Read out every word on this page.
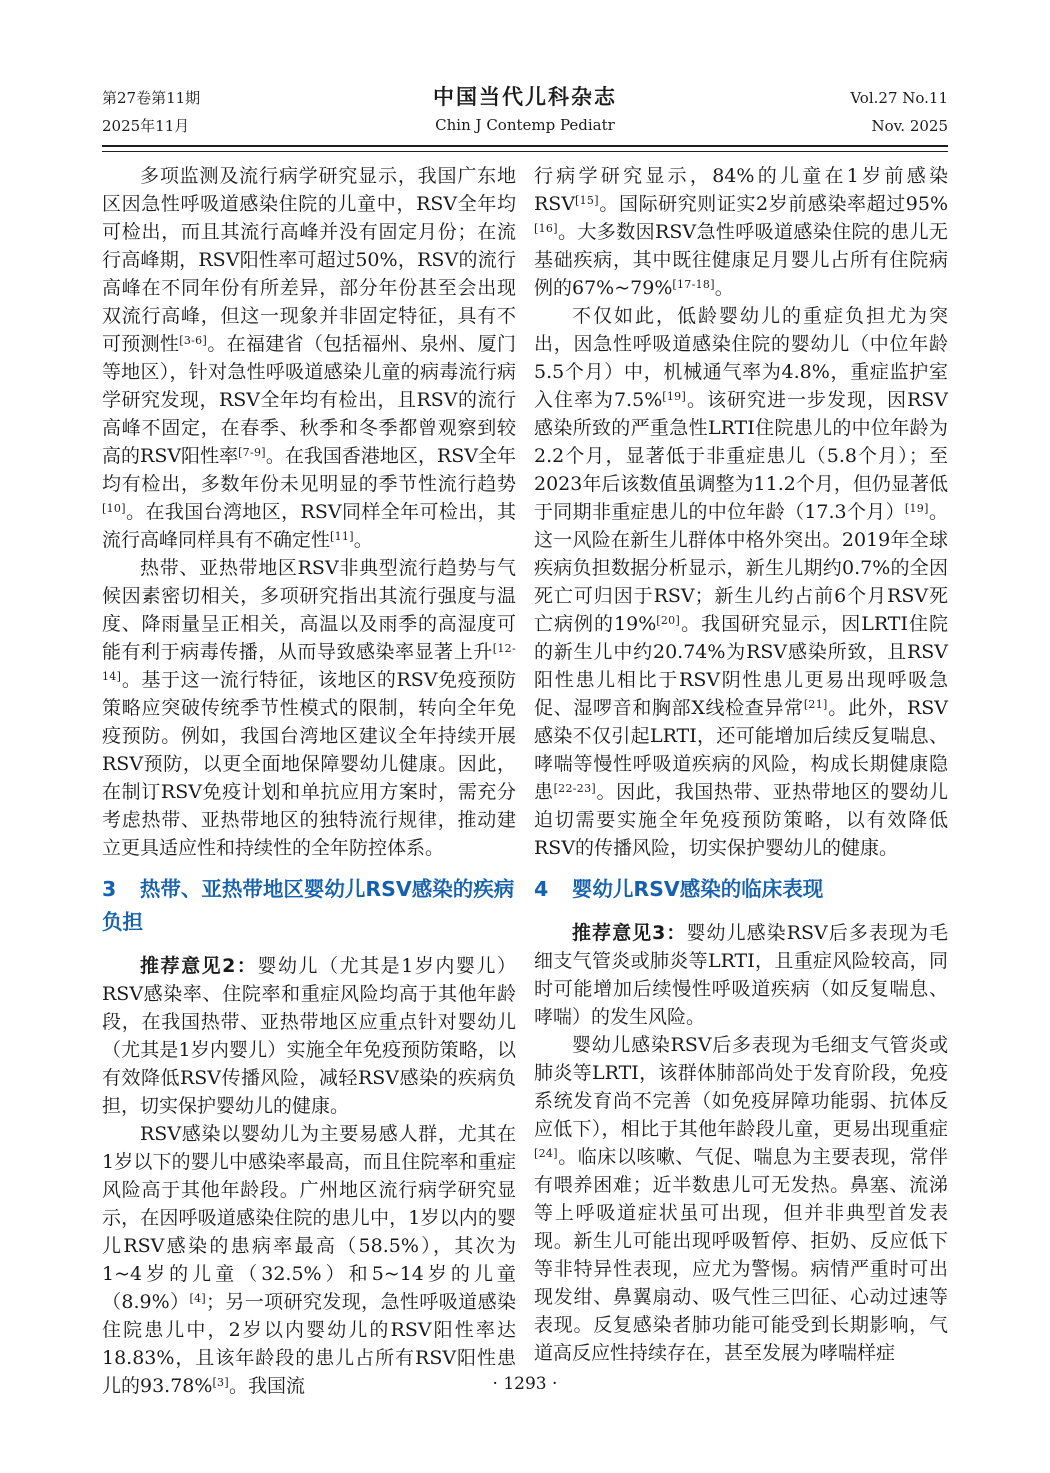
第27卷第11期
2025年11月
中国当代儿科杂志
Chin J Contemp Pediatr
Vol.27 No.11
Nov. 2025

多项监测及流行病学研究显示，我国广东地区因急性呼吸道感染住院的儿童中，RSV全年均可检出，而且其流行高峰并没有固定月份；在流行高峰期，RSV阳性率可超过50%，RSV的流行高峰在不同年份有所差异，部分年份甚至会出现双流行高峰，但这一现象并非固定特征，具有不可预测性[3-6]。在福建省（包括福州、泉州、厦门等地区），针对急性呼吸道感染儿童的病毒流行病学研究发现，RSV全年均有检出，且RSV的流行高峰不固定，在春季、秋季和冬季都曾观察到较高的RSV阳性率[7-9]。在我国香港地区，RSV全年均有检出，多数年份未见明显的季节性流行趋势[10]。在我国台湾地区，RSV同样全年可检出，其流行高峰同样具有不确定性[11]。

热带、亚热带地区RSV非典型流行趋势与气候因素密切相关，多项研究指出其流行强度与温度、降雨量呈正相关，高温以及雨季的高湿度可能有利于病毒传播，从而导致感染率显著上升[12-14]。基于这一流行特征，该地区的RSV免疫预防策略应突破传统季节性模式的限制，转向全年免疫预防。例如，我国台湾地区建议全年持续开展RSV预防，以更全面地保障婴幼儿健康。因此，在制订RSV免疫计划和单抗应用方案时，需充分考虑热带、亚热带地区的独特流行规律，推动建立更具适应性和持续性的全年防控体系。

3 热带、亚热带地区婴幼儿RSV感染的疾病负担

推荐意见2：婴幼儿（尤其是1岁内婴儿）RSV感染率、住院率和重症风险均高于其他年龄段，在我国热带、亚热带地区应重点针对婴幼儿（尤其是1岁内婴儿）实施全年免疫预防策略，以有效降低RSV传播风险，减轻RSV感染的疾病负担，切实保护婴幼儿的健康。

RSV感染以婴幼儿为主要易感人群，尤其在1岁以下的婴儿中感染率最高，而且住院率和重症风险高于其他年龄段。广州地区流行病学研究显示，在因呼吸道感染住院的患儿中，1岁以内的婴儿RSV感染的患病率最高（58.5%），其次为1~4岁的儿童（32.5%）和5~14岁的儿童（8.9%）[4]；另一项研究发现，急性呼吸道感染住院患儿中，2岁以内婴幼儿的RSV阳性率达18.83%，且该年龄段的患儿占所有RSV阳性患儿的93.78%[3]。我国流

行病学研究显示，84%的儿童在1岁前感染RSV[15]。国际研究则证实2岁前感染率超过95%[16]。大多数因RSV急性呼吸道感染住院的患儿无基础疾病，其中既往健康足月婴儿占所有住院病例的67%~79%[17-18]。

不仅如此，低龄婴幼儿的重症负担尤为突出，因急性呼吸道感染住院的婴幼儿（中位年龄5.5个月）中，机械通气率为4.8%，重症监护室入住率为7.5%[19]。该研究进一步发现，因RSV感染所致的严重急性LRTI住院患儿的中位年龄为2.2个月，显著低于非重症患儿（5.8个月）；至2023年后该数值虽调整为11.2个月，但仍显著低于同期非重症患儿的中位年龄（17.3个月）[19]。这一风险在新生儿群体中格外突出。2019年全球疾病负担数据分析显示，新生儿期约0.7%的全因死亡可归因于RSV；新生儿约占前6个月RSV死亡病例的19%[20]。我国研究显示，因LRTI住院的新生儿中约20.74%为RSV感染所致，且RSV阳性患儿相比于RSV阴性患儿更易出现呼吸急促、湿啰音和胸部X线检查异常[21]。此外，RSV感染不仅引起LRTI，还可能增加后续反复喘息、哮喘等慢性呼吸道疾病的风险，构成长期健康隐患[22-23]。因此，我国热带、亚热带地区的婴幼儿迫切需要实施全年免疫预防策略，以有效降低RSV的传播风险，切实保护婴幼儿的健康。

4 婴幼儿RSV感染的临床表现

推荐意见3：婴幼儿感染RSV后多表现为毛细支气管炎或肺炎等LRTI，且重症风险较高，同时可能增加后续慢性呼吸道疾病（如反复喘息、哮喘）的发生风险。

婴幼儿感染RSV后多表现为毛细支气管炎或肺炎等LRTI，该群体肺部尚处于发育阶段，免疫系统发育尚不完善（如免疫屏障功能弱、抗体反应低下），相比于其他年龄段儿童，更易出现重症[24]。临床以咳嗽、气促、喘息为主要表现，常伴有喂养困难；近半数患儿可无发热。鼻塞、流涕等上呼吸道症状虽可出现，但并非典型首发表现。新生儿可能出现呼吸暂停、拒奶、反应低下等非特异性表现，应尤为警惕。病情严重时可出现发绀、鼻翼扇动、吸气性三凹征、心动过速等表现。反复感染者肺功能可能受到长期影响，气道高反应性持续存在，甚至发展为哮喘样症

· 1293 ·
